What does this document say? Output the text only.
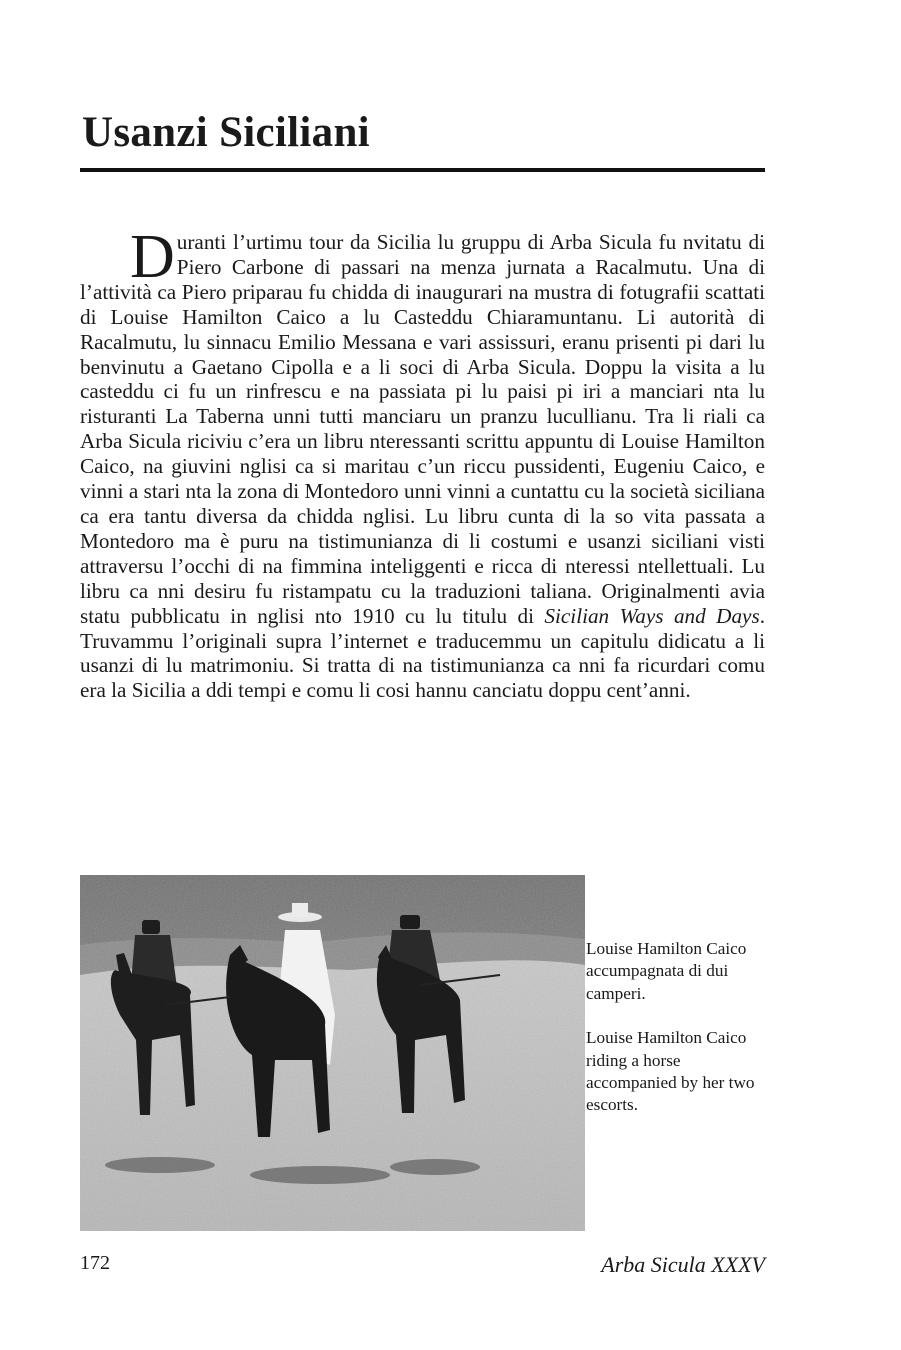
Usanzi Siciliani

Duranti l’urtimu tour da Sicilia lu gruppu di Arba Sicula fu nvitatu di Piero Carbone di passari na menza jurnata a Racalmutu. Una di l’attività ca Piero priparau fu chidda di inaugurari na mustra di fotugrafii scattati di Louise Hamilton Caico a lu Casteddu Chiaramuntanu. Li autorità di Racalmutu, lu sinnacu Emilio Messana e vari assissuri, eranu prisenti pi dari lu benvinutu a Gaetano Cipolla e a li soci di Arba Sicula. Doppu la visita a lu casteddu ci fu un rinfrescu e na passiata pi lu paisi pi iri a manciari nta lu risturanti La Taberna unni tutti manciaru un pranzu lucullianu. Tra li riali ca Arba Sicula riciviu c’era un libru nteressanti scrittu appuntu di Louise Hamilton Caico, na giuvini nglisi ca si maritau c’un riccu pussidenti, Eugeniu Caico, e vinni a stari nta la zona di Montedoro unni vinni a cuntattu cu la società siciliana ca era tantu diversa da chidda nglisi. Lu libru cunta di la so vita passata a Montedoro ma è puru na tistimunianza di li costumi e usanzi siciliani visti attraversu l’occhi di na fimmina inteliggenti e ricca di nteressi ntellettuali. Lu libru ca nni desiru fu ristampatu cu la traduzioni taliana. Originalmenti avia statu pubblicatu in nglisi nto 1910 cu lu titulu di Sicilian Ways and Days. Truvammu l’originali supra l’internet e traducemmu un capitulu didicatu a li usanzi di lu matrimoniu. Si tratta di na tistimunianza ca nni fa ricurdari comu era la Sicilia a ddi tempi e comu li cosi hannu canciatu doppu cent’anni.

Louise Hamilton Caico accumpagnata di dui camperi.

Louise Hamilton Caico riding a horse accompanied by her two escorts.

172	Arba Sicula XXXV
